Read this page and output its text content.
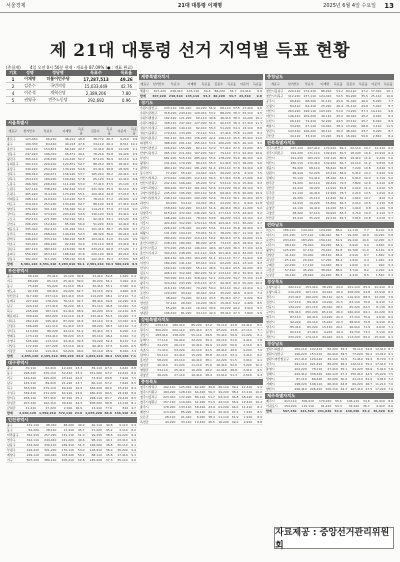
서울경제	21대 대통령 이재명	2025년 6월 4일 수요일 13
제 21대 대통령 선거 지역별 득표 현황
(총합계) 4일 오전 0시 50분 현재 · 개표율 87.09% (● : 개표 완료)
기호	성명	정당명	득표수	득표율
1	이재명	더불어민주당	17,287,513	49.26
2	김문수	국민의힘	15,033,449	42.76
4	이준석	개혁신당	2,389,206	7.80
5	권영국	민주노동당	292,692	0.96
서울특별시
개표구	선거인수	투표수	이재명	득표율	김문수	득표율	이준석	득표율
종로구	123,450	96,210	46,211	48.0	38,772	40.3	9,210	9.6
중구	109,330	84,410	40,213	47.6	34,119	40.4	8,511	10.1
용산구	194,120	154,871	66,120	42.7	72,410	46.8	14,120	9.1
성동구	247,220	196,310	96,471	49.1	78,210	39.8	19,420	9.9
광진구	305,410	236,220	124,410	52.7	87,120	36.9	22,110	9.4
동대문구	302,110	229,410	120,871	52.7	88,210	38.5	18,410	8.0
중랑구	340,220	254,120	139,210	54.8	93,410	36.8	18,320	7.2
성북구	368,410	290,471	156,120	53.7	105,210	36.2	26,410	9.1
강북구	254,110	189,220	109,410	57.8	65,120	34.4	12,410	6.6
도봉구	266,320	206,410	111,220	53.9	77,410	37.5	15,120	7.3
노원구	427,110	338,210	182,410	53.9	121,320	35.9	30,110	8.9
은평구	405,220	314,120	173,220	55.1	109,410	34.8	27,210	8.7
서대문구	268,110	210,410	110,120	52.3	78,210	37.2	19,320	9.2
마포구	319,410	253,220	133,410	52.7	88,120	34.8	27,410	10.8
양천구	376,220	301,110	156,320	51.9	114,210	37.9	27,110	9.0
강서구	484,410	373,210	203,410	54.5	130,120	34.9	34,410	9.2
구로구	352,110	271,320	152,110	56.1	92,410	34.1	23,120	8.5
금천구	206,220	152,410	85,320	56.0	51,220	33.6	12,410	8.1
영등포구	335,410	262,110	131,220	50.1	101,410	38.7	25,320	9.7
동작구	336,110	268,410	140,410	52.3	98,320	36.6	26,210	9.8
관악구	446,220	333,110	189,210	56.8	103,410	31.0	33,120	9.9
서초구	343,410	289,220	92,410	32.0	170,110	58.8	23,410	8.1
강남구	467,110	383,410	118,220	30.8	233,210	60.8	27,120	7.1
송파구	556,220	453,110	188,410	41.6	220,120	48.6	40,210	8.9
강동구	392,410	311,220	158,110	50.8	122,410	39.3	27,320	8.8
합계	8,381,120	6,551,410	3,283,810	50.1	2,581,210	39.4	560,120	8.5
부산광역시
중구	34,110	25,410	10,120	39.8	13,410	52.8	1,620	6.4
서구	88,220	65,110	25,410	39.0	35,220	54.1	3,910	6.0
동구	75,410	55,220	21,110	38.2	30,410	55.1	3,320	6.0
영도구	92,110	68,410	29,220	42.7	34,110	49.9	4,620	6.8
부산진구	317,220	237,110	103,410	43.6	114,220	48.2	17,110	7.2
동래구	227,410	178,220	76,110	42.7	88,410	49.6	12,220	6.9
남구	224,110	173,410	78,220	45.1	81,110	46.8	12,410	7.2
북구	245,220	187,110	91,410	48.9	82,220	43.9	12,110	6.5
해운대구	339,410	263,220	110,110	41.8	132,410	50.3	19,220	7.3
사하구	262,110	195,410	87,220	44.6	93,110	47.6	13,410	6.9
금정구	186,220	141,110	61,410	43.5	68,220	48.3	10,110	7.2
강서구	113,410	86,220	44,110	51.2	35,410	41.1	6,220	7.2
연제구	173,110	134,410	58,220	43.3	65,110	48.4	9,410	7.0
수영구	145,220	113,110	44,410	39.3	59,220	52.4	8,110	7.2
사상구	172,410	127,220	57,110	44.9	60,410	47.5	8,220	6.5
기장군	149,110	113,410	52,220	46.0	52,110	45.9	8,410	7.4
합계	2,855,120	2,165,410	950,220	43.9	1,044,110	48.2	153,120	7.1
대구광역시
중구	70,110	52,410	12,220	23.3	35,110	67.0	4,620	8.8
동구	298,220	225,110	52,410	23.3	151,220	67.2	19,410	8.6
서구	146,410	105,220	23,110	22.0	73,410	69.8	7,910	7.5
남구	125,110	89,410	21,220	23.7	60,110	67.2	7,620	8.5
북구	363,220	279,110	69,410	24.9	184,220	66.0	23,410	8.4
수성구	339,410	271,220	64,110	23.6	180,410	66.5	24,220	8.9
달서구	458,110	347,410	87,220	25.1	228,110	65.7	29,410	8.5
달성군	207,220	162,110	39,410	24.3	108,220	66.8	13,110	8.1
군위군	21,410	17,220	2,910	16.9	13,410	77.9	810	4.7
합계	2,030,120	1,550,210	372,110	24.0	1,035,220	66.8	136,410	8.8
인천광역시
중구	131,110	98,410	48,220	49.0	40,110	40.8	9,110	9.3
동구	52,220	38,110	17,410	45.7	17,220	45.2	3,110	8.2
미추홀구	352,410	257,220	131,110	51.0	99,410	38.6	24,220	9.4
연수구	312,110	244,410	121,220	49.6	98,110	40.1	23,410	9.6
남동구	434,220	330,110	169,410	51.3	128,220	38.8	30,110	9.1
부평구	419,410	321,220	170,110	53.0	118,410	36.9	30,220	9.4
계양구	249,110	190,410	103,220	54.2	68,110	35.8	17,410	9.1
서구	507,220	389,110	205,410	52.8	145,220	37.3	35,110	9.0
세종특별자치시
개표구	선거인수	투표수	이재명	득표율	김문수	득표율	이준석	득표율
세종시	307,220	248,410	135,110	54.4	86,220	34.7	24,410	9.8
합계	307,220	248,410	135,110	54.4	86,220	34.7	24,410	9.8
경기도
수원시장안구	233,110	181,410	94,220	51.9	68,110	37.5	17,410	9.6
수원시권선구	318,220	243,110	129,410	53.2	88,220	36.3	23,110	9.5
수원시팔달구	162,410	121,220	60,110	49.6	46,410	38.3	12,220	10.1
수원시영통구	308,110	247,410	127,220	51.4	90,110	36.4	27,410	11.1
성남시수정구	198,220	149,110	82,410	55.3	51,220	34.4	13,110	8.8
성남시중원구	179,410	133,220	72,110	54.1	47,410	35.6	11,220	8.4
성남시분당구	391,110	321,410	136,220	42.4	146,110	45.5	35,410	11.0
의정부시	388,220	291,110	155,410	53.4	106,220	36.5	26,110	9.0
안양시만안구	206,410	155,220	82,110	52.9	57,410	37.0	13,220	8.5
안양시동안구	265,110	211,410	107,220	50.7	79,110	37.4	22,410	10.6
부천시	681,220	515,110	285,410	55.4	178,220	34.6	46,110	9.0
광명시	231,410	179,220	99,110	55.3	61,410	34.3	16,220	9.0
평택시	480,110	352,410	181,220	51.4	133,110	37.8	34,410	9.8
동두천시	77,220	55,110	24,410	44.3	26,220	47.6	4,110	7.5
안산시상록구	274,410	199,220	112,110	56.3	67,410	33.8	17,220	8.6
안산시단원구	232,110	166,410	95,220	57.2	53,110	31.9	15,410	9.3
고양시덕양구	399,220	307,110	161,410	52.6	113,220	36.9	29,110	9.5
고양시일산동구	245,410	195,220	103,110	52.8	69,410	35.6	20,220	10.4
고양시일산서구	246,110	194,410	102,220	52.6	70,110	36.1	20,410	10.5
과천시	64,220	54,110	24,410	45.1	22,220	41.1	6,410	11.8
구리시	158,410	122,220	63,110	51.6	46,410	38.0	11,220	9.2
남양주시	615,110	472,410	246,220	52.1	177,110	37.5	43,410	9.2
오산시	196,220	143,110	78,410	54.8	49,220	34.4	13,110	9.2
시흥시	424,410	312,220	174,110	55.8	103,410	33.1	30,220	9.7
군포시	226,110	176,410	94,220	53.4	63,110	35.8	16,410	9.3
의왕시	131,220	104,110	53,410	51.3	38,220	36.7	11,110	10.7
하남시	280,410	219,220	110,110	50.2	82,410	37.6	24,220	11.0
용인시처인구	238,110	180,410	86,220	47.8	73,110	40.5	18,410	10.2
용인시기흥구	370,220	295,110	146,410	49.6	107,220	36.3	37,110	12.6
용인시수지구	304,410	248,220	111,110	44.8	101,410	40.9	32,220	13.0
파주시	426,110	321,410	164,220	51.1	121,110	37.7	31,410	9.8
이천시	189,220	141,110	63,410	44.9	62,220	44.1	13,110	9.3
안성시	159,410	118,220	55,110	46.6	51,410	43.5	10,220	8.6
김포시	406,110	312,410	162,220	51.9	113,110	36.2	32,410	10.4
화성시	793,220	611,110	318,410	52.1	212,220	34.7	72,110	11.8
광주시	324,410	243,220	115,110	47.3	99,410	40.9	25,220	10.4
양주시	216,110	158,410	79,220	50.0	62,110	39.2	14,410	9.1
포천시	129,220	93,110	40,410	43.4	45,220	48.6	6,910	7.4
여주시	98,410	74,220	32,110	43.3	35,410	47.7	6,220	8.4
연천군	37,110	28,410	10,220	36.0	15,410	54.2	2,420	8.5
가평군	55,220	41,110	16,410	39.9	20,220	49.2	3,910	9.5
양평군	106,410	81,220	34,110	42.0	38,410	47.3	7,820	9.6
강원특별자치도
춘천시	239,110	180,410	85,220	47.2	79,110	43.8	14,410	8.0
원주시	300,220	222,110	105,410	47.5	97,220	43.8	17,110	7.7
강릉시	183,410	138,220	55,110	39.9	70,410	50.9	11,220	8.1
동해시	77,110	56,410	22,220	39.4	29,110	51.6	4,410	7.8
태백시	34,220	26,110	10,410	39.9	13,220	50.6	2,110	8.1
속초시	71,410	53,220	22,110	41.5	26,410	49.6	4,220	7.9
삼척시	55,110	41,410	15,220	36.8	22,110	53.4	3,410	8.2
홍천군	58,220	43,110	16,410	38.1	22,220	51.5	3,910	9.1
횡성군	40,410	31,220	11,110	35.6	16,410	52.6	3,220	10.3
영월군	33,110	25,410	10,220	40.2	12,410	48.8	2,410	9.5
평창군	36,220	27,110	10,410	38.4	13,910	51.3	2,510	9.3
충청북도
청주시상당구	162,110	125,410	62,220	49.6	49,110	39.2	12,410	9.9
청주시서원구	164,220	128,110	64,410	50.3	49,220	38.4	13,110	10.2
청주시흥덕구	223,410	172,220	89,110	51.7	63,410	36.8	18,220	10.6
청주시청원구	157,110	119,410	61,220	51.3	44,110	36.9	12,410	10.4
충주시	178,220	133,110	58,410	43.9	61,220	46.0	11,110	8.3
제천시	113,410	85,220	36,110	42.4	40,410	47.4	7,220	8.5
보은군	28,110	21,410	8,220	38.4	11,110	51.9	1,910	8.9
옥천군	43,220	33,110	13,410	40.5	16,220	49.0	2,910	8.8
충청남도
개표구	선거인수	투표수	이재명	득표율	김문수	득표율	이준석	득표율
천안시동남구	229,110	172,410	88,220	51.2	64,110	37.2	17,410	10.1
천안시서북구	312,220	237,110	124,410	52.5	84,220	35.5	25,110	10.6
공주시	90,410	68,220	31,110	45.6	31,410	46.0	5,220	7.7
보령시	84,110	62,410	25,220	40.4	31,110	49.8	5,410	8.7
아산시	263,220	199,110	103,410	51.9	74,220	37.3	19,110	9.6
서산시	146,410	109,220	49,110	45.0	49,410	45.2	9,220	8.4
논산시	99,110	72,410	32,220	44.5	33,110	45.7	6,410	8.9
계룡시	34,220	27,110	10,410	38.4	13,220	48.8	3,110	11.5
당진시	143,410	106,220	49,110	46.2	46,410	43.7	9,220	8.7
금산군	44,110	33,410	13,220	39.6	16,910	50.6	2,810	8.4
전북특별자치도
전주시완산구	267,110	207,410	170,220	82.1	22,110	10.7	12,410	6.0
전주시덕진구	222,220	171,110	139,410	81.5	18,220	10.6	10,910	6.4
군산시	221,410	163,220	132,110	80.9	19,410	11.9	9,220	5.6
익산시	230,110	170,410	139,220	81.7	19,110	11.2	9,810	5.8
정읍시	89,220	68,110	56,410	82.8	7,220	10.6	3,610	5.3
남원시	66,410	52,220	43,110	82.6	5,410	10.4	2,910	5.6
김제시	70,110	54,410	45,220	83.1	5,910	10.9	2,710	5.0
완주군	79,220	62,110	49,410	79.5	7,820	12.6	4,210	6.8
진안군	22,410	18,220	14,910	81.8	2,010	11.0	1,010	5.5
무주군	21,110	16,410	12,920	78.7	2,210	13.5	1,010	6.2
장수군	19,220	15,110	12,410	82.1	1,610	10.7	810	5.4
임실군	24,410	19,220	15,810	82.3	2,010	10.5	1,110	5.8
순창군	24,110	19,410	16,120	83.1	1,910	9.8	1,120	5.8
고창군	48,220	37,110	30,910	83.3	3,710	10.0	2,110	5.7
부안군	45,410	35,220	29,110	82.7	3,810	10.8	2,010	5.7
전라남도
목포시	186,110	144,410	124,220	86.0	11,110	7.7	8,110	5.6
여수시	231,220	177,110	146,410	82.7	19,220	10.9	10,210	5.8
순천시	233,410	183,220	150,110	81.9	19,410	10.6	12,220	6.7
나주시	98,110	76,410	64,220	84.1	6,910	9.0	4,610	6.0
광양시	125,220	97,110	79,410	81.8	10,720	11.0	6,110	6.3
담양군	41,410	33,220	28,110	84.6	2,910	8.7	1,810	5.4
곡성군	25,110	20,410	17,220	84.4	1,910	9.4	1,010	4.9
구례군	22,220	17,110	14,410	84.2	1,610	9.4	910	5.3
고흥군	57,410	45,220	38,910	86.0	3,710	8.2	2,210	4.9
보성군	36,110	28,410	24,220	85.3	2,410	8.5	1,510	5.3
경상북도
포항시남구	202,110	153,410	38,220	24.9	101,110	65.9	12,410	8.1
포항시북구	219,220	167,110	43,410	26.0	108,220	64.8	13,910	8.3
경주시	213,410	160,220	36,110	22.5	110,410	68.9	12,220	7.6
김천시	117,110	89,410	19,220	21.5	63,110	70.6	6,410	7.2
안동시	134,220	101,110	26,410	26.1	65,220	64.5	8,110	8.0
구미시	336,410	250,220	65,110	26.0	160,410	64.1	22,220	8.9
영주시	87,110	66,410	14,220	21.4	47,110	70.9	4,610	6.9
영천시	92,220	69,110	15,410	22.3	48,910	70.8	4,410	6.4
상주시	85,410	65,220	13,110	20.1	46,910	71.9	4,610	7.1
문경시	62,110	47,410	9,220	19.4	34,710	73.2	3,110	6.6
경산시	233,220	174,110	43,410	24.9	113,220	65.0	15,910	9.1
경상남도
창원시의창구	184,110	142,410	50,220	35.3	78,110	54.8	12,410	8.7
창원시성산구	196,220	153,110	60,410	39.5	77,220	50.4	13,910	9.1
창원시마산합포구	157,410	120,220	39,110	32.5	71,410	59.4	8,720	7.3
진주시	291,110	221,410	80,220	36.2	122,110	55.2	17,410	7.9
통영시	104,220	78,110	27,410	35.1	44,220	56.6	5,910	7.6
김해시	444,410	338,220	160,110	47.3	150,410	44.5	25,220	7.5
밀양시	87,110	66,410	20,220	30.4	41,110	61.9	4,810	7.2
거제시	198,220	148,110	66,410	44.8	69,220	46.7	11,210	7.6
양산시	296,410	226,220	100,110	44.3	107,410	47.5	17,220	7.6
제주특별자치도
제주시	413,110	306,410	170,220	55.6	106,110	34.6	26,410	8.6
서귀포시	154,220	115,110	61,410	53.3	42,220	36.7	9,910	8.6
합계	567,330	421,520	231,630	54.9	148,330	35.2	36,320	8.6
자료제공 : 중앙선거관리위원회
